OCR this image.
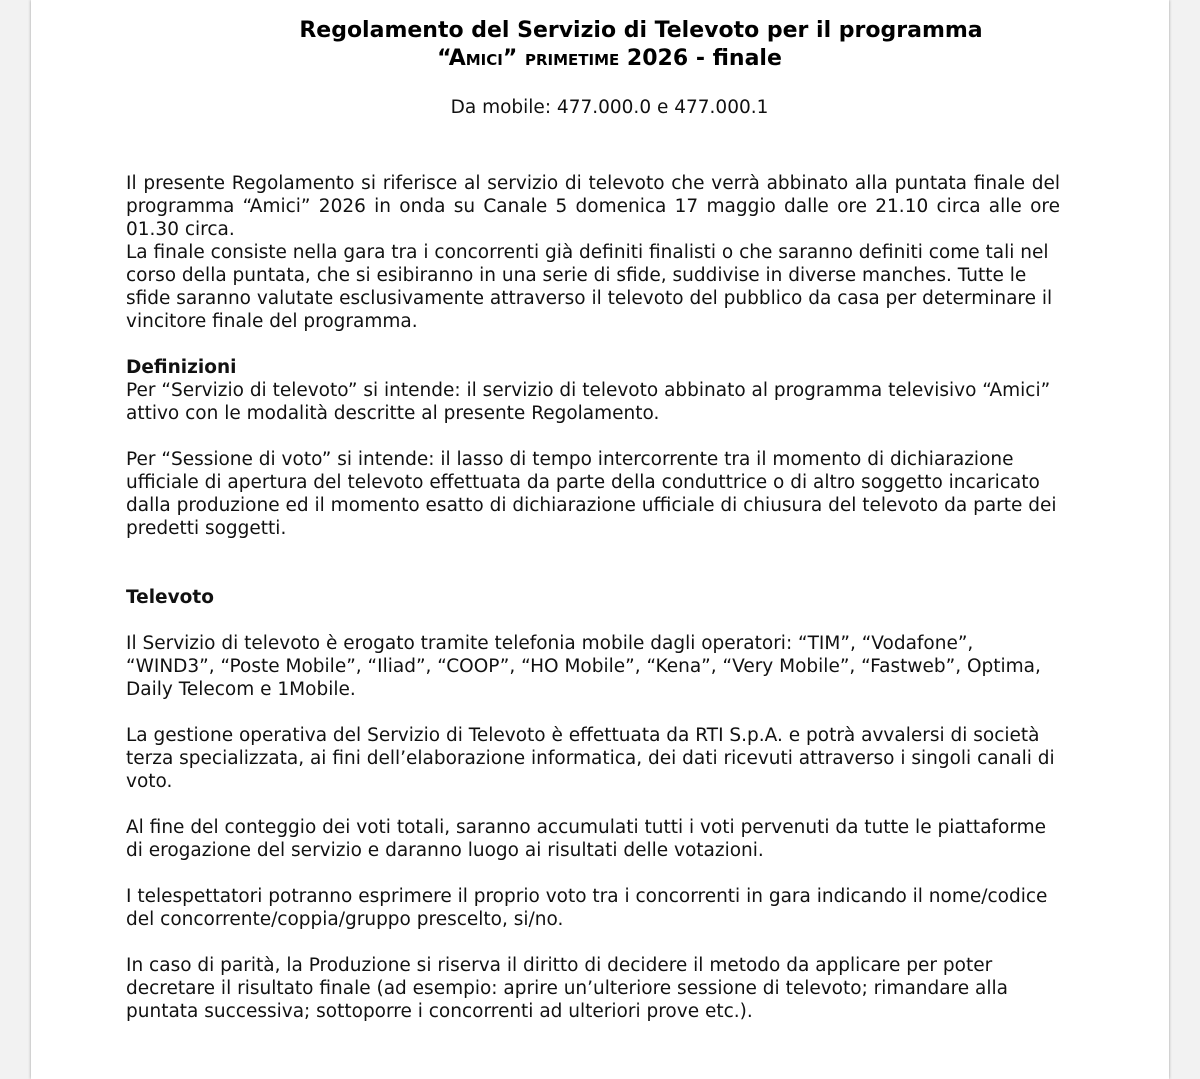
Regolamento del Servizio di Televoto per il programma
“Amici” primetime 2026 - finale
Da mobile: 477.000.0 e 477.000.1

Il presente Regolamento si riferisce al servizio di televoto che verrà abbinato alla puntata finale del programma “Amici” 2026 in onda su Canale 5 domenica 17 maggio dalle ore 21.10 circa alle ore 01.30 circa.

La finale consiste nella gara tra i concorrenti già definiti finalisti o che saranno definiti come tali nel corso della puntata, che si esibiranno in una serie di sfide, suddivise in diverse manches. Tutte le sfide saranno valutate esclusivamente attraverso il televoto del pubblico da casa per determinare il vincitore finale del programma.

Definizioni

Per “Servizio di televoto” si intende: il servizio di televoto abbinato al programma televisivo “Amici” attivo con le modalità descritte al presente Regolamento.

Per “Sessione di voto” si intende: il lasso di tempo intercorrente tra il momento di dichiarazione ufficiale di apertura del televoto effettuata da parte della conduttrice o di altro soggetto incaricato dalla produzione ed il momento esatto di dichiarazione ufficiale di chiusura del televoto da parte dei predetti soggetti.

Televoto

Il Servizio di televoto è erogato tramite telefonia mobile dagli operatori: “TIM”, “Vodafone”, “WIND3”, “Poste Mobile”, “Iliad”, “COOP”, “HO Mobile”, “Kena”, “Very Mobile”, “Fastweb”, Optima, Daily Telecom e 1Mobile.

La gestione operativa del Servizio di Televoto è effettuata da RTI S.p.A. e potrà avvalersi di società terza specializzata, ai fini dell’elaborazione informatica, dei dati ricevuti attraverso i singoli canali di voto.

Al fine del conteggio dei voti totali, saranno accumulati tutti i voti pervenuti da tutte le piattaforme di erogazione del servizio e daranno luogo ai risultati delle votazioni.

I telespettatori potranno esprimere il proprio voto tra i concorrenti in gara indicando il nome/codice del concorrente/coppia/gruppo prescelto, si/no.

In caso di parità, la Produzione si riserva il diritto di decidere il metodo da applicare per poter decretare il risultato finale (ad esempio: aprire un’ulteriore sessione di televoto; rimandare alla puntata successiva; sottoporre i concorrenti ad ulteriori prove etc.).
